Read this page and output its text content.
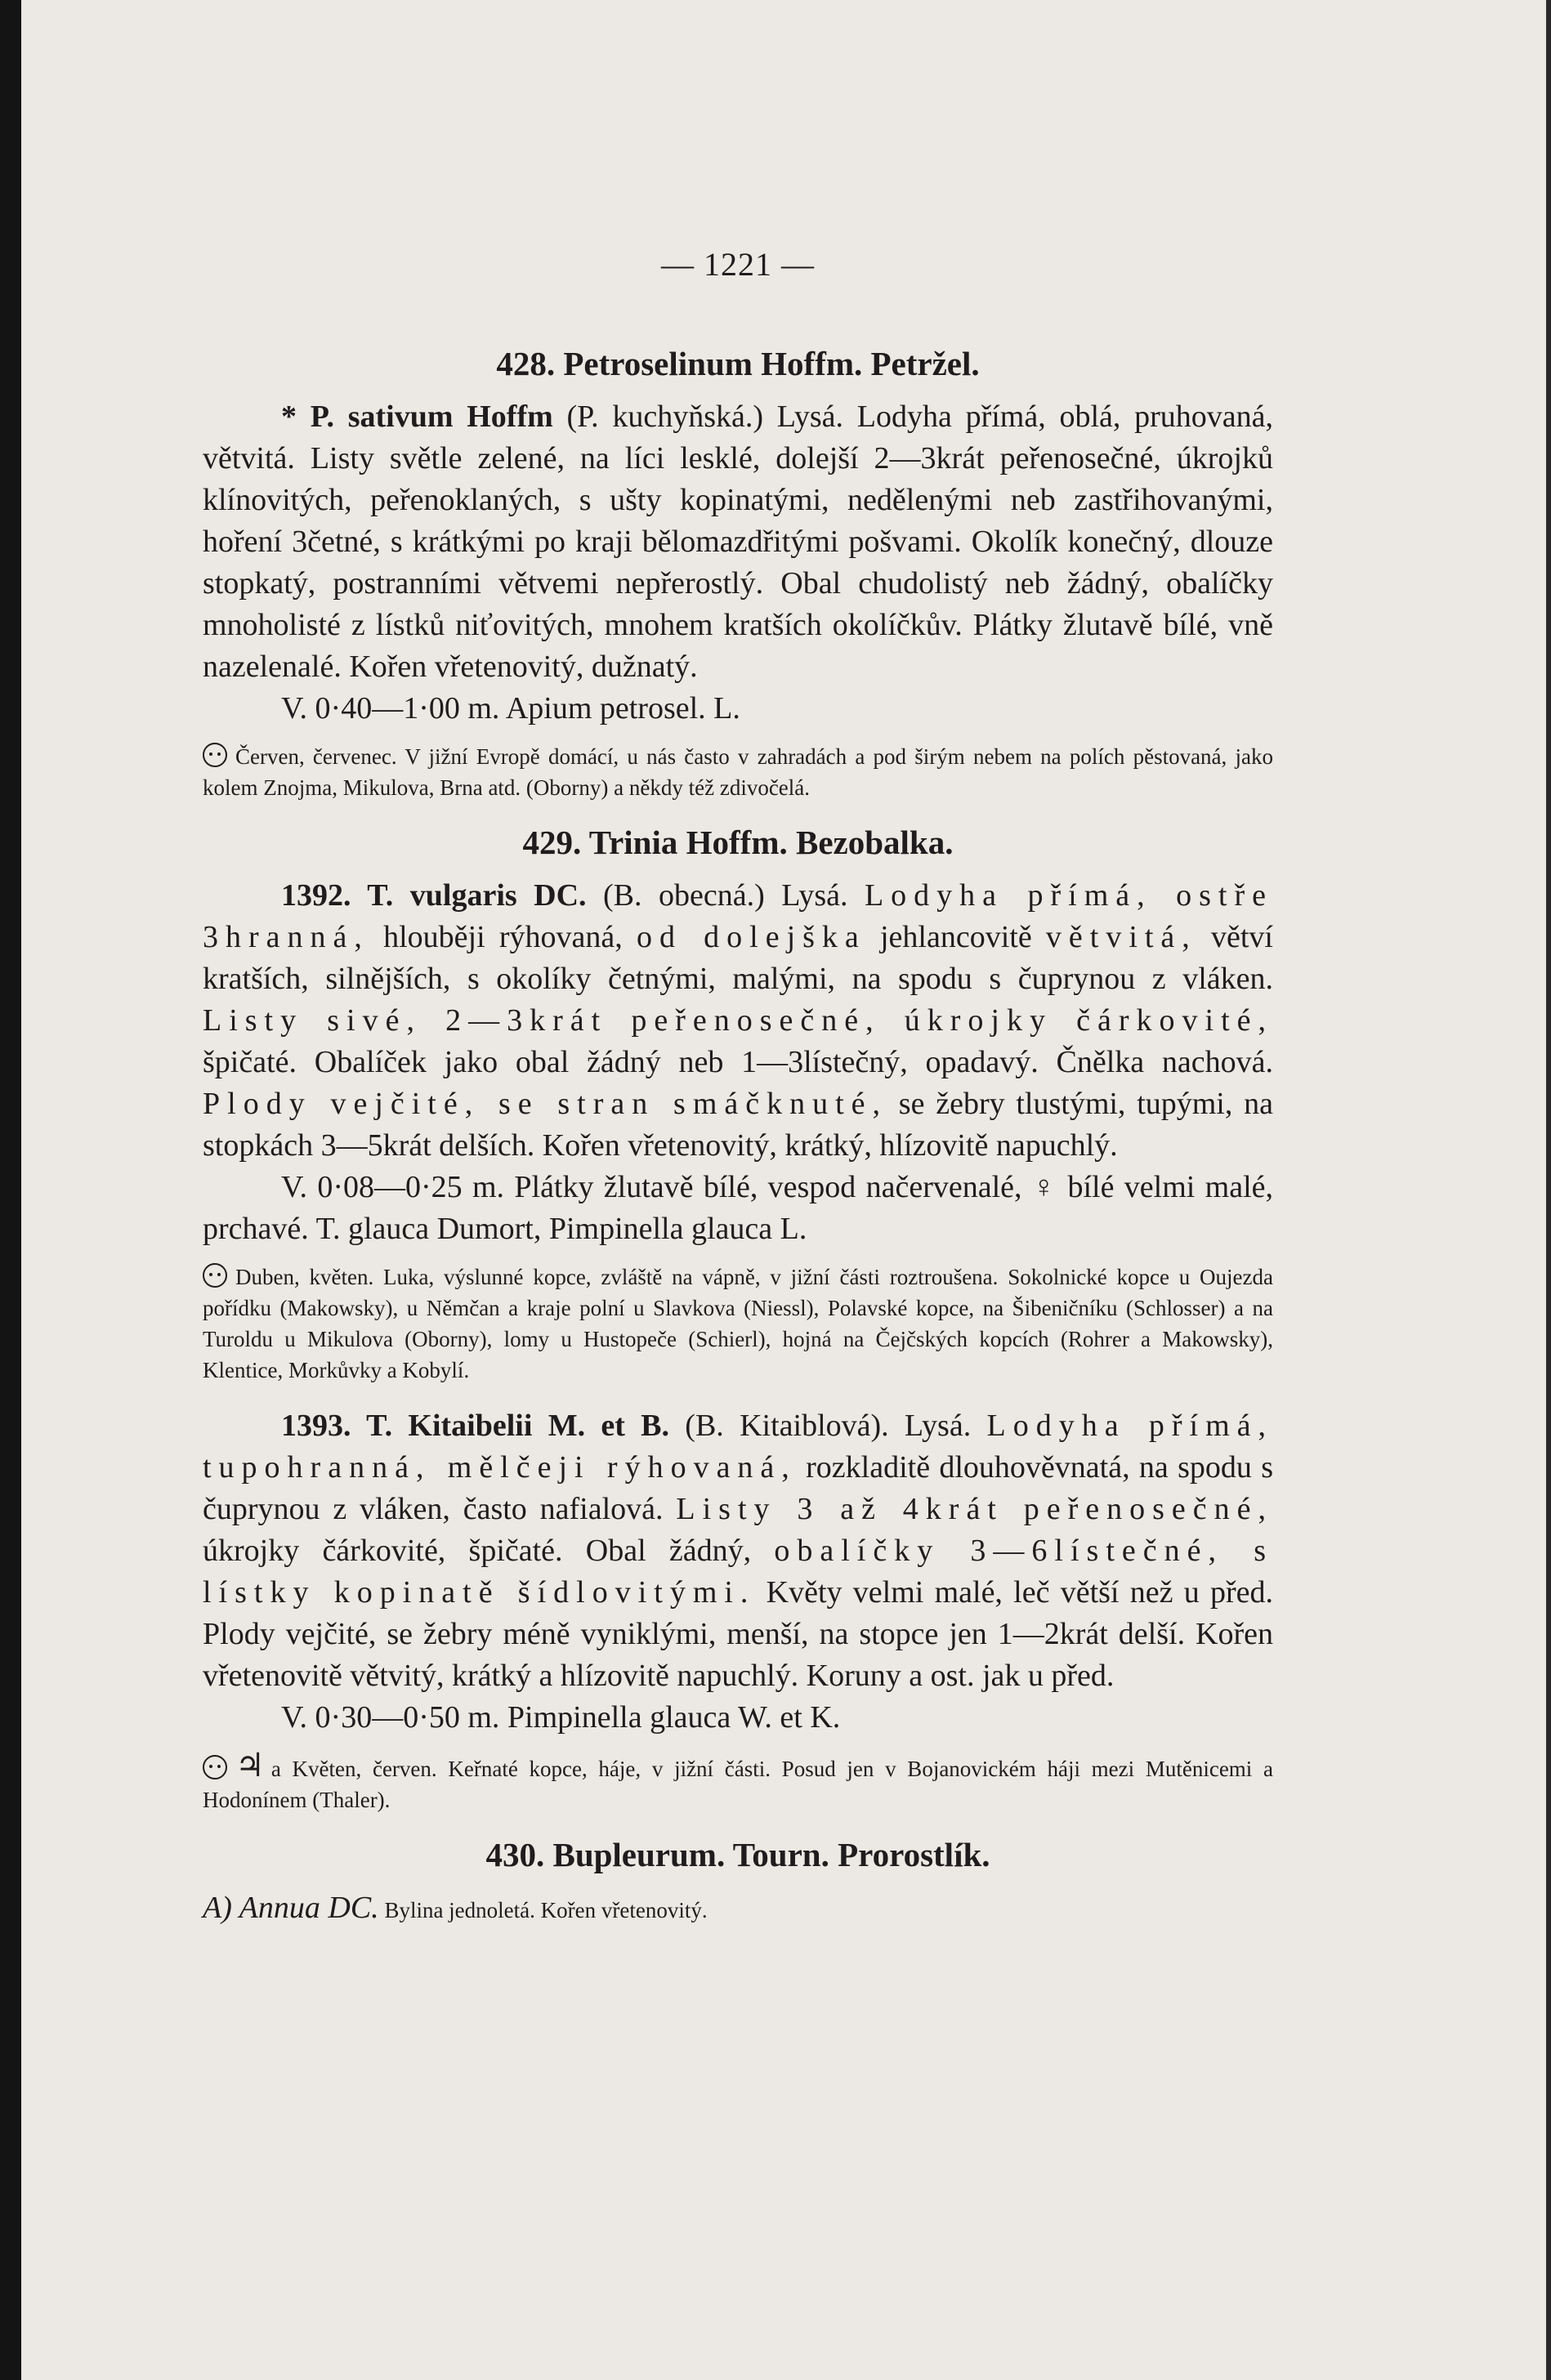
— 1221 —
428. Petroselinum Hoffm. Petržel.

* P. sativum Hoffm (P. kuchyňská.) Lysá. Lodyha přímá, oblá, pruhovaná, větvitá. Listy světle zelené, na líci lesklé, dolejší 2—3krát peřenosečné, úkrojků klínovitých, peřenoklaných, s ušty kopinatými, nedělenými neb zastřihovanými, hoření 3četné, s krátkými po kraji bělomazdřitými pošvami. Okolík konečný, dlouze stopkatý, postranními větvemi nepřerostlý. Obal chudolistý neb žádný, obalíčky mnoholisté z lístků niťovitých, mnohem kratších okolíčkův. Plátky žlutavě bílé, vně nazelenalé. Kořen vřetenovitý, dužnatý.

V. 0·40—1·00 m. Apium petrosel. L.

Červen, červenec. V jižní Evropě domácí, u nás často v zahradách a pod širým nebem na polích pěstovaná, jako kolem Znojma, Mikulova, Brna atd. (Oborny) a někdy též zdivočelá.

429. Trinia Hoffm. Bezobalka.

1392. T. vulgaris DC. (B. obecná.) Lysá. Lodyha přímá, ostře 3hranná, hlouběji rýhovaná, od dolejška jehlancovitě větvitá, větví kratších, silnějších, s okolíky četnými, malými, na spodu s čuprynou z vláken. Listy sivé, 2—3krát peřenosečné, úkrojky čárkovité, špičaté. Obalíček jako obal žádný neb 1—3lístečný, opadavý. Čnělka nachová. Plody vejčité, se stran smáčknuté, se žebry tlustými, tupými, na stopkách 3—5krát delších. Kořen vřetenovitý, krátký, hlízovitě napuchlý.

V. 0·08—0·25 m. Plátky žlutavě bílé, vespod načervenalé, ♀ bílé velmi malé, prchavé. T. glauca Dumort, Pimpinella glauca L.

Duben, květen. Luka, výslunné kopce, zvláště na vápně, v jižní části roztroušena. Sokolnické kopce u Oujezda pořídku (Makowsky), u Němčan a kraje polní u Slavkova (Niessl), Polavské kopce, na Šibeničníku (Schlosser) a na Turoldu u Mikulova (Oborny), lomy u Hustopeče (Schierl), hojná na Čejčských kopcích (Rohrer a Makowsky), Klentice, Morkůvky a Kobylí.

1393. T. Kitaibelii M. et B. (B. Kitaiblová). Lysá. Lodyha přímá, tupohranná, mělčeji rýhovaná, rozkladitě dlouhověvnatá, na spodu s čuprynou z vláken, často nafialová. Listy 3 až 4krát peřenosečné, úkrojky čárkovité, špičaté. Obal žádný, obalíčky 3—6lístečné, s lístky kopinatě šídlovitými. Květy velmi malé, leč větší než u před. Plody vejčité, se žebry méně vyniklými, menší, na stopce jen 1—2krát delší. Kořen vřetenovitě větvitý, krátký a hlízovitě napuchlý. Koruny a ost. jak u před.

V. 0·30—0·50 m. Pimpinella glauca W. et K.

♃ a Květen, červen. Keřnaté kopce, háje, v jižní části. Posud jen v Bojanovickém háji mezi Mutěnicemi a Hodonínem (Thaler).

430. Bupleurum. Tourn. Prorostlík.

A) Annua DC. Bylina jednoletá. Kořen vřetenovitý.
